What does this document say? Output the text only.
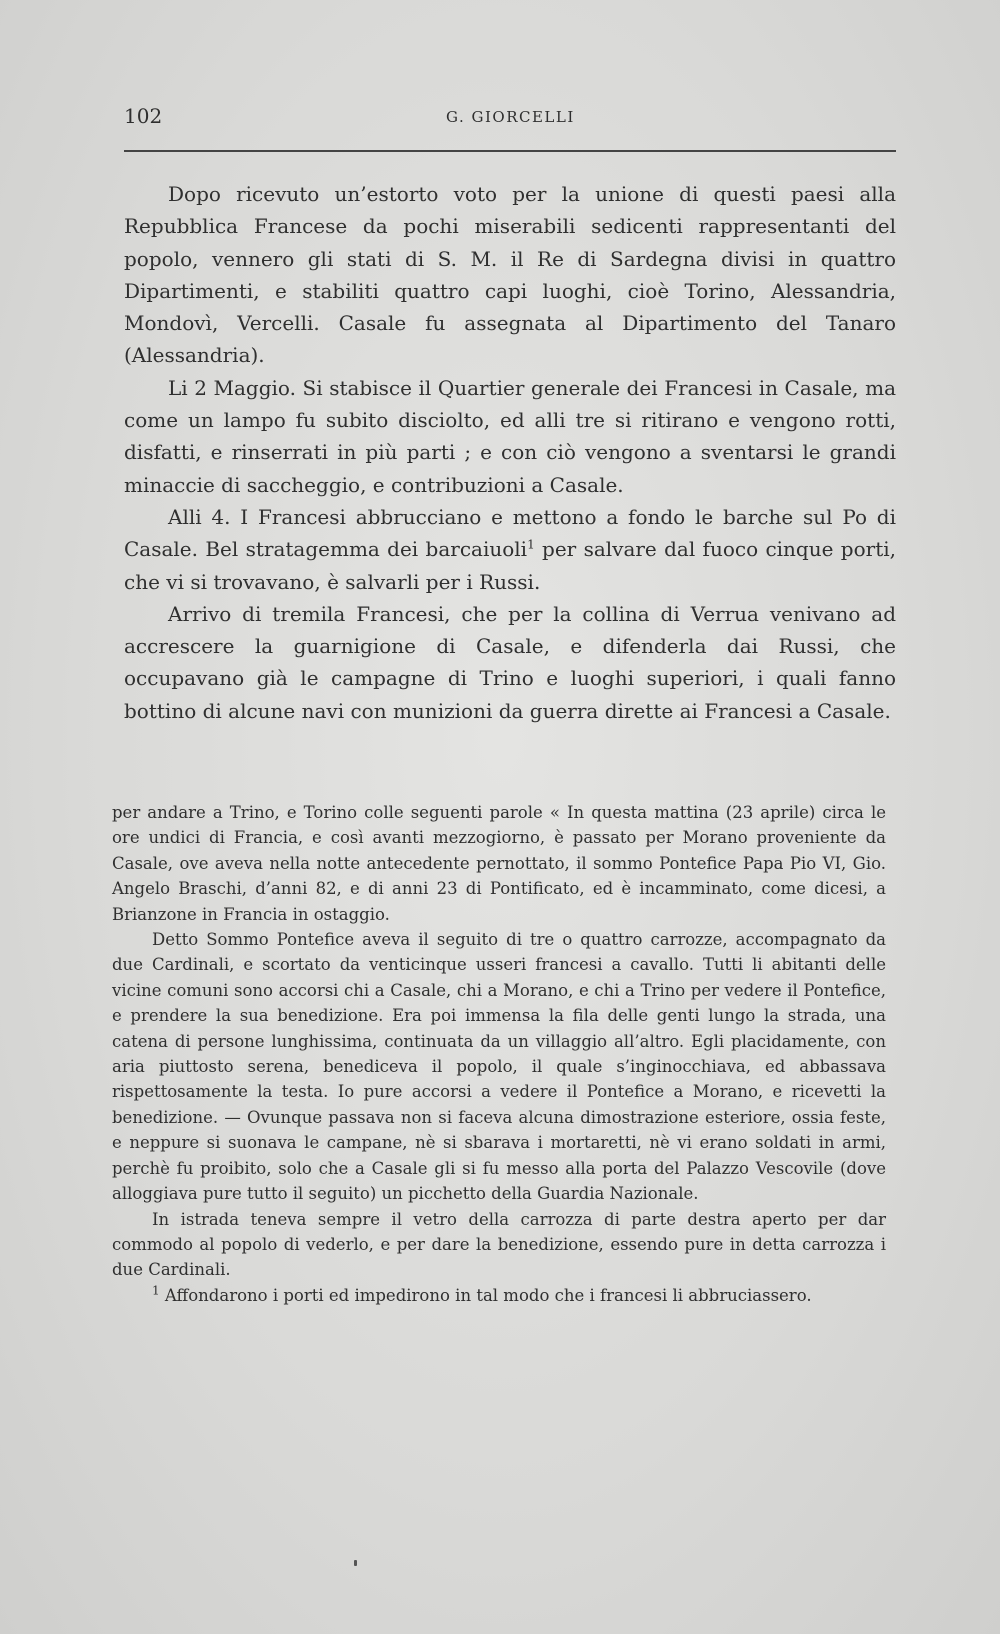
102	G. GIORCELLI

Dopo ricevuto un’estorto voto per la unione di questi paesi alla Repubblica Francese da pochi miserabili sedicenti rappresentanti del popolo, vennero gli stati di S. M. il Re di Sardegna divisi in quattro Dipartimenti, e stabiliti quattro capi luoghi, cioè Torino, Alessandria, Mondovì, Vercelli. Casale fu assegnata al Dipartimento del Tanaro (Alessandria).

Li 2 Maggio. Si stabisce il Quartier generale dei Francesi in Casale, ma come un lampo fu subito disciolto, ed alli tre si ritirano e vengono rotti, disfatti, e rinserrati in più parti ; e con ciò vengono a sventarsi le grandi minaccie di saccheggio, e contribuzioni a Casale.

Alli 4. I Francesi abbrucciano e mettono a fondo le barche sul Po di Casale. Bel stratagemma dei barcaiuoli$^1$ per salvare dal fuoco cinque porti, che vi si trovavano, è salvarli per i Russi.

Arrivo di tremila Francesi, che per la collina di Verrua venivano ad accrescere la guarnigione di Casale, e difenderla dai Russi, che occupavano già le campagne di Trino e luoghi superiori, i quali fanno bottino di alcune navi con munizioni da guerra dirette ai Francesi a Casale.

per andare a Trino, e Torino colle seguenti parole « In questa mattina (23 aprile) circa le ore undici di Francia, e così avanti mezzogiorno, è passato per Morano proveniente da Casale, ove aveva nella notte antecedente pernottato, il sommo Pontefice Papa Pio VI, Gio. Angelo Braschi, d’anni 82, e di anni 23 di Pontificato, ed è incamminato, come dicesi, a Brianzone in Francia in ostaggio.

Detto Sommo Pontefice aveva il seguito di tre o quattro carrozze, accompagnato da due Cardinali, e scortato da venticinque usseri francesi a cavallo. Tutti li abitanti delle vicine comuni sono accorsi chi a Casale, chi a Morano, e chi a Trino per vedere il Pontefice, e prendere la sua benedizione. Era poi immensa la fila delle genti lungo la strada, una catena di persone lunghissima, continuata da un villaggio all’altro. Egli placidamente, con aria piuttosto serena, benediceva il popolo, il quale s’inginocchiava, ed abbassava rispettosamente la testa. Io pure accorsi a vedere il Pontefice a Morano, e ricevetti la benedizione. — Ovunque passava non si faceva alcuna dimostrazione esteriore, ossia feste, e neppure si suonava le campane, nè si sbarava i mortaretti, nè vi erano soldati in armi, perchè fu proibito, solo che a Casale gli si fu messo alla porta del Palazzo Vescovile (dove alloggiava pure tutto il seguito) un picchetto della Guardia Nazionale.

In istrada teneva sempre il vetro della carrozza di parte destra aperto per dar commodo al popolo di vederlo, e per dare la benedizione, essendo pure in detta carrozza i due Cardinali.

$^1$ Affondarono i porti ed impedirono in tal modo che i francesi li abbruciassero.
